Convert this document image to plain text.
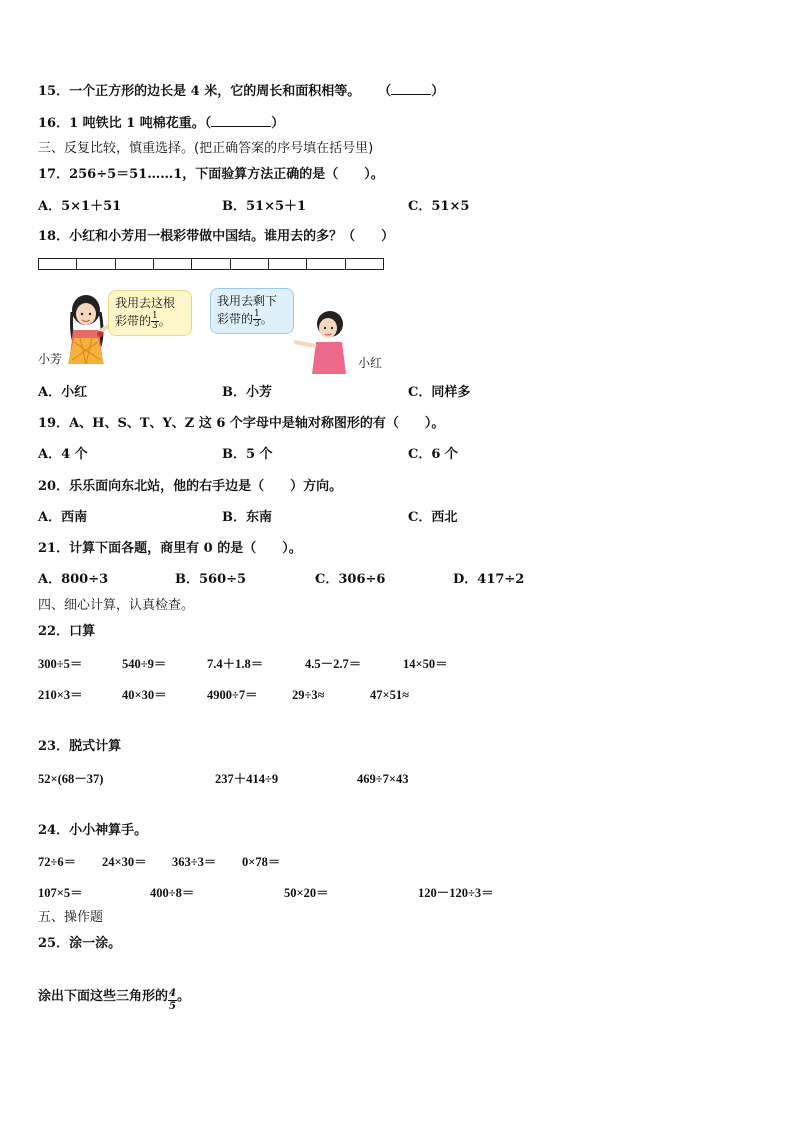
15．一个正方形的边长是 4 米，它的周长和面积相等。 （	）
16．1 吨铁比 1 吨棉花重。（	）
三、反复比较，慎重选择。(把正确答案的序号填在括号里)
17．256÷5＝51……1，下面验算方法正确的是（　　）。
A．5×1＋51	B．51×5＋1	C．51×5
18．小红和小芳用一根彩带做中国结。谁用去的多？（　　）
我用去这根
彩带的 $\frac{1}{3}$ 。
小芳
我用去剩下
彩带的 $\frac{1}{3}$ 。
小红
A．小红	B．小芳	C．同样多
19．A、H、S、T、Y、Z 这 6 个字母中是轴对称图形的有（　　）。
A．4 个	B．5 个	C．6 个
20．乐乐面向东北站，他的右手边是（　　）方向。
A．西南	B．东南	C．西北
21．计算下面各题，商里有 0 的是（　　）。
A．800÷3	B．560÷5	C．306÷6	D．417÷2
四、细心计算，认真检查。
22．口算
300÷5＝	540÷9＝	7.4＋1.8＝	4.5－2.7＝	14×50＝
210×3＝	40×30＝	4900÷7＝	29÷3≈	47×51≈
23．脱式计算
52×(68－37)	237＋414÷9	469÷7×43
24．小小神算手。
72÷6＝ 24×30＝ 363÷3＝ 0×78＝
107×5＝	400÷8＝	50×20＝	120－120÷3＝
五、操作题
25．涂一涂。
涂出下面这些三角形的 $\frac{4}{5}$ 。
